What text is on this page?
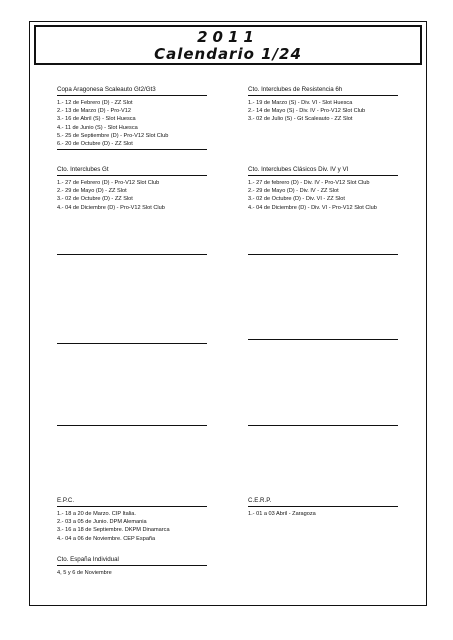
2011
Calendario 1/24
Copa Aragonesa Scaleauto Gt2/Gt3
1.- 12 de Febrero (D) - ZZ Slot
2.- 13 de Marzo (D) - Pro-V12
3.- 16 de Abril (S) - Slot Huesca
4.- 11 de Junio (S) - Slot Huesca
5.- 25 de Septiembre (D) - Pro-V12 Slot Club
6.- 20 de Octubre (D) - ZZ Slot
Cto. Interclubes de Resistencia 6h
1.- 19 de Marzo (S) - Div. VI - Slot Huesca
2.- 14 de Mayo (S) - Div. IV - Pro-V12 Slot Club
3.- 02 de Julio (S) - Gt Scaleauto - ZZ Slot
Cto. Interclubes Gt
1.- 27 de Febrero (D) - Pro-V12 Slot Club
2.- 29 de Mayo (D) - ZZ Slot
3.- 02 de Octubre (D) - ZZ Slot
4.- 04 de Diciembre (D) - Pro-V12 Slot Club
Cto. Interclubes Clásicos Div. IV y VI
1.- 27 de febrero (D) - Div. IV - Pro-V12 Slot Club
2.- 29 de Mayo (D) - Div. IV - ZZ Slot
3.- 02 de Octubre (D) - Div. VI - ZZ Slot
4.- 04 de Diciembre (D) - Div. VI - Pro-V12 Slot Club
E.P.C.
1.- 18 a 20 de Marzo. CIP Italia.
2.- 03 a 05 de Junio. DPM Alemania
3.- 16 a 18 de Septiembre. DKPM Dinamarca
4.- 04 a 06 de Noviembre. CEP España
C.E.R.P.
1.- 01 a 03 Abril - Zaragoza
Cto. España Individual
4, 5 y 6 de Noviembre
